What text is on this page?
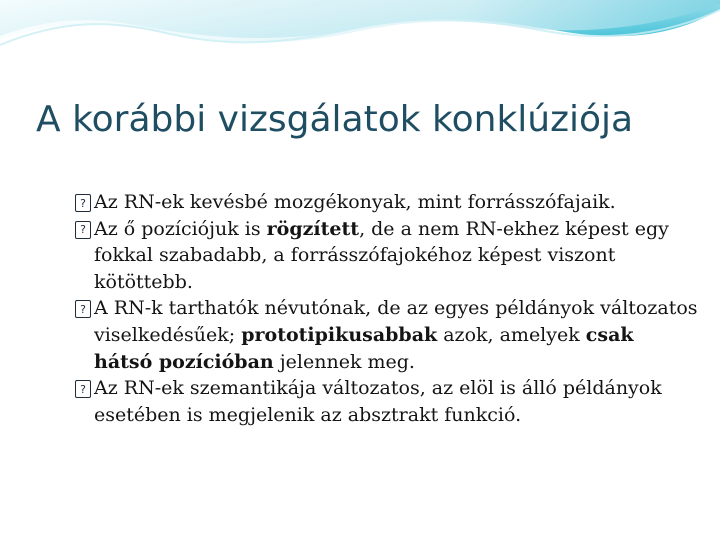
A korábbi vizsgálatok konklúziója

? Az RN-ek kevésbé mozgékonyak, mint forrásszófajaik.

? Az ő pozíciójuk is rögzített, de a nem RN-ekhez képest egy fokkal szabadabb, a forrásszófajokéhoz képest viszont kötöttebb.

? A RN-k tarthatók névutónak, de az egyes példányok változatos viselkedésűek; prototipikusabbak azok, amelyek csak hátsó pozícióban jelennek meg.

? Az RN-ek szemantikája változatos, az elöl is álló példányok esetében is megjelenik az absztrakt funkció.
